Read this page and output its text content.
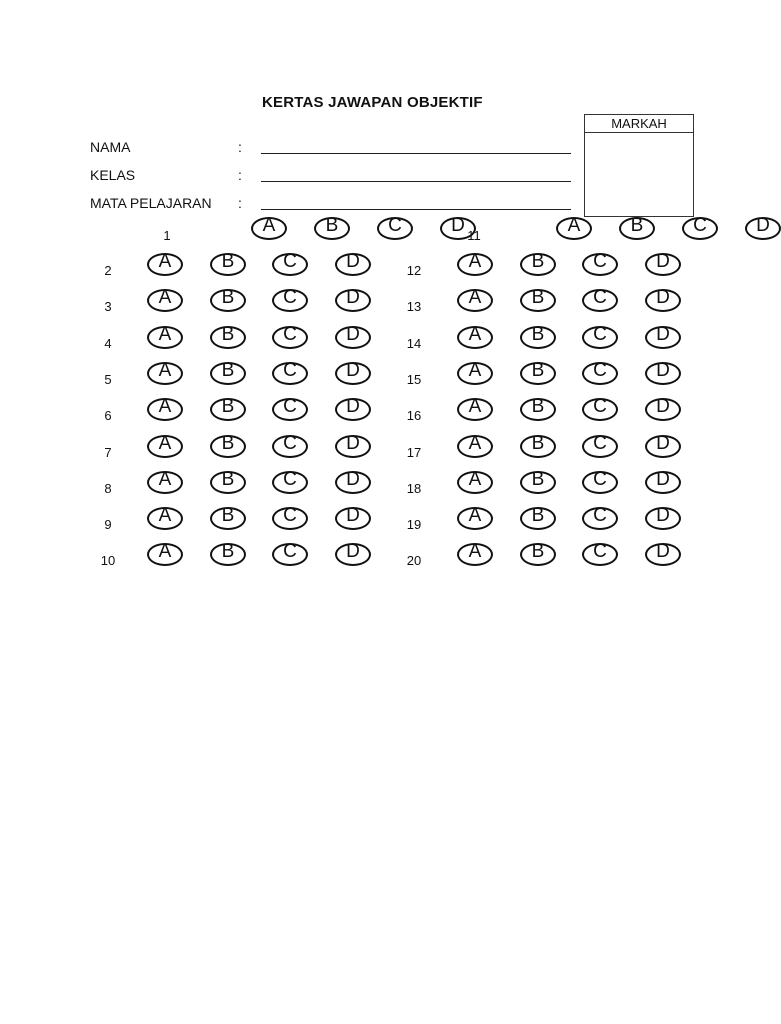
KERTAS JAWAPAN OBJEKTIF
NAMA	:
KELAS	:
MATA PELAJARAN :
MARKAH
1	A	B	C	D 11	A	B	C	D
2	A	B	C	D	12	A	B	C	D
3	A	B	C	D	13	A	B	C	D
4	A	B	C	D	14	A	B	C	D
5	A	B	C	D	15	A	B	C	D
6	A	B	C	D	16	A	B	C	D
7	A	B	C	D	17	A	B	C	D
8	A	B	C	D	18	A	B	C	D
9	A	B	C	D	19	A	B	C	D
10	A	B	C	D	20	A	B	C	D
